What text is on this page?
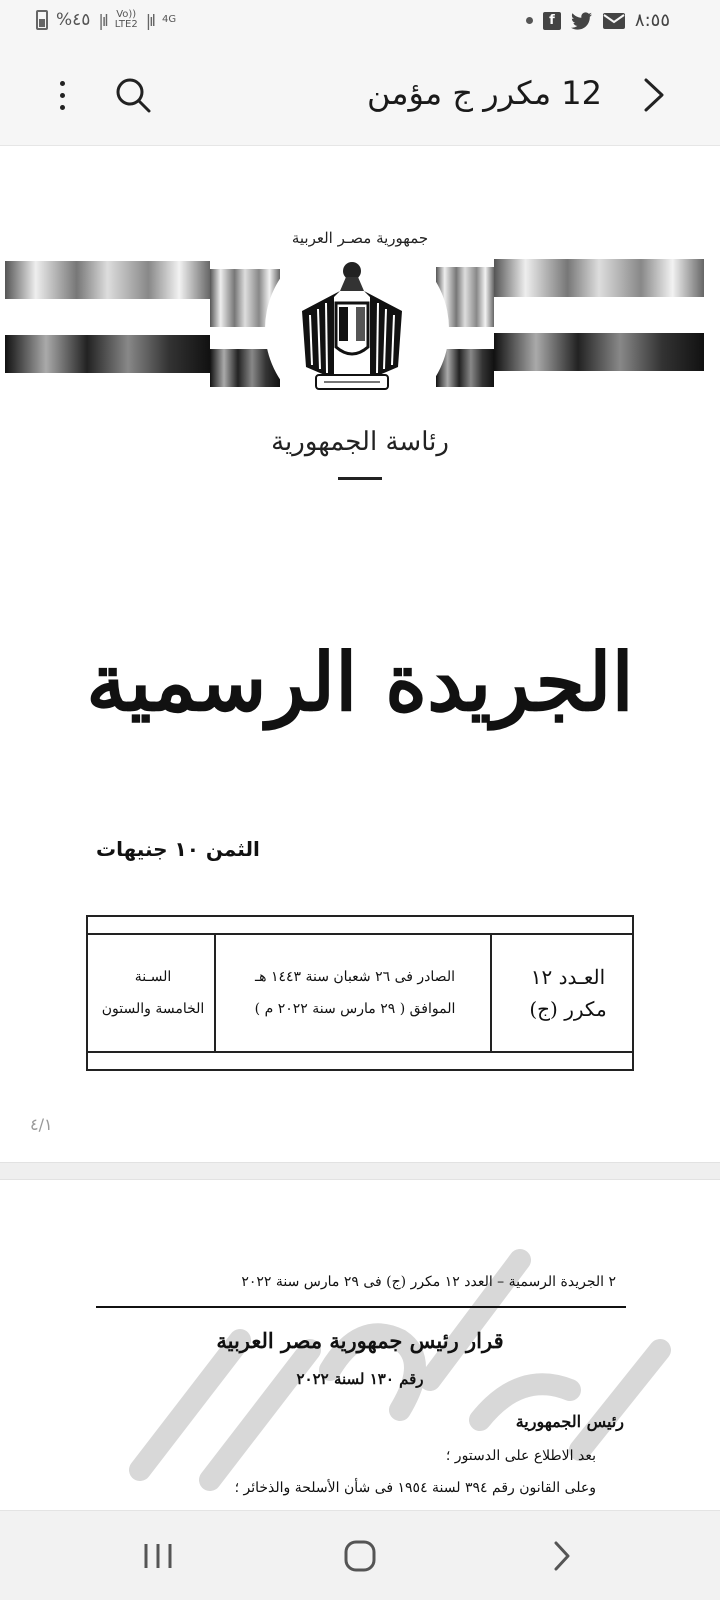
%٤٥ |ıl Vo))
LTE2 |ıl 4G	f	٨:٥٥
12 مكرر ج مؤمن
جمهورية مصـر العربية
رئاسة الجمهورية
الجريدة الرسمية
الثمن ١٠ جنيهات
العـدد ١٢
مكرر (ج)
الصادر فى ٢٦ شعبان سنة ١٤٤٣ هـ
الموافق ( ٢٩ مارس سنة ٢٠٢٢ م )
السـنة
الخامسة والستون
٤/١
٢ الجريدة الرسمية – العدد ١٢ مكرر (ج) فى ٢٩ مارس سنة ٢٠٢٢
قرار رئيس جمهورية مصر العربية
رقم ١٣٠ لسنة ٢٠٢٢
رئيس الجمهورية
بعد الاطلاع على الدستور ؛
وعلى القانون رقم ٣٩٤ لسنة ١٩٥٤ فى شأن الأسلحة والذخائر ؛
